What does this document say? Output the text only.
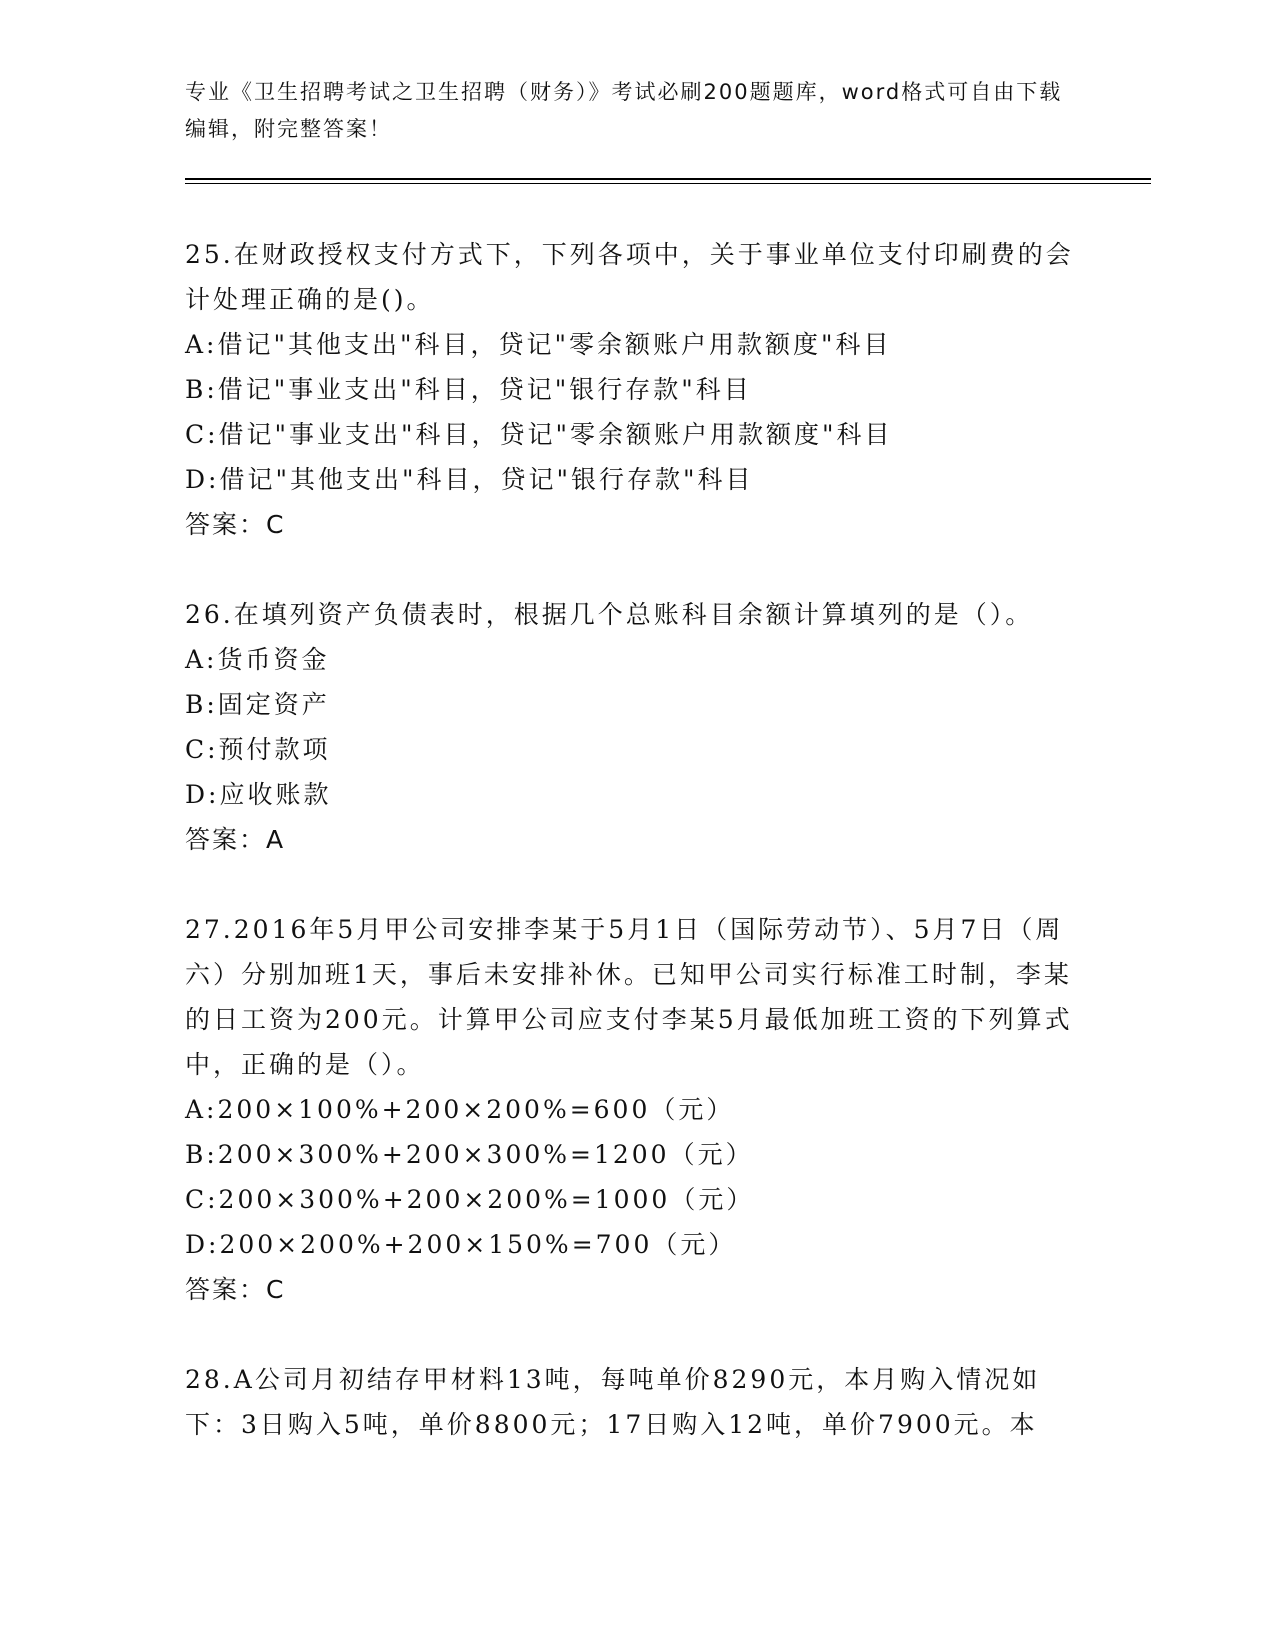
专业《卫生招聘考试之卫生招聘（财务）》考试必刷200题题库，word格式可自由下载编辑，附完整答案！

25.在财政授权支付方式下，下列各项中，关于事业单位支付印刷费的会计处理正确的是()。

A:借记"其他支出"科目，贷记"零余额账户用款额度"科目

B:借记"事业支出"科目，贷记"银行存款"科目

C:借记"事业支出"科目，贷记"零余额账户用款额度"科目

D:借记"其他支出"科目，贷记"银行存款"科目

答案：C

26.在填列资产负债表时，根据几个总账科目余额计算填列的是（）。

A:货币资金

B:固定资产

C:预付款项

D:应收账款

答案：A

27.2016年5月甲公司安排李某于5月1日（国际劳动节）、5月7日（周六）分别加班1天，事后未安排补休。已知甲公司实行标准工时制，李某的日工资为200元。计算甲公司应支付李某5月最低加班工资的下列算式中，正确的是（）。

A:200×100%+200×200%=600（元）

B:200×300%+200×300%=1200（元）

C:200×300%+200×200%=1000（元）

D:200×200%+200×150%=700（元）

答案：C

28.A公司月初结存甲材料13吨，每吨单价8290元，本月购入情况如下：3日购入5吨，单价8800元；17日购入12吨，单价7900元。本
